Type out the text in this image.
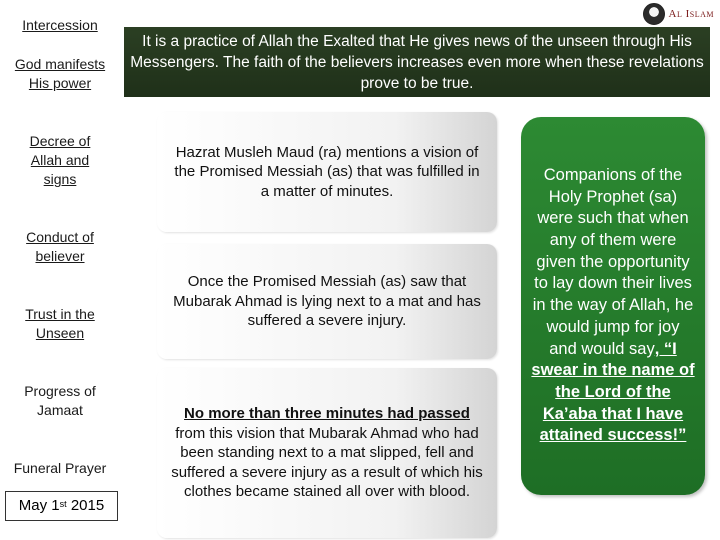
Intercession
God manifests
His power
Decree of
Allah and
signs
Conduct of
believer
Trust in the
Unseen
Progress of
Jamaat
Funeral Prayer
May 1st 2015
Al Islam
It is a practice of Allah the Exalted that He gives news of the unseen through His Messengers. The faith of the believers increases even more when these revelations prove to be true.
Hazrat Musleh Maud (ra) mentions a vision of the Promised Messiah (as) that was fulfilled in a matter of minutes.
Once the Promised Messiah (as) saw that Mubarak Ahmad is lying next to a mat and has suffered a severe injury.
No more than three minutes had passed from this vision that Mubarak Ahmad who had been standing next to a mat slipped, fell and suffered a severe injury as a result of which his clothes became stained all over with blood.
Companions of the Holy Prophet (sa) were such that when any of them were given the opportunity to lay down their lives in the way of Allah, he would jump for joy and would say, “I swear in the name of the Lord of the Ka’aba that I have attained success!”
